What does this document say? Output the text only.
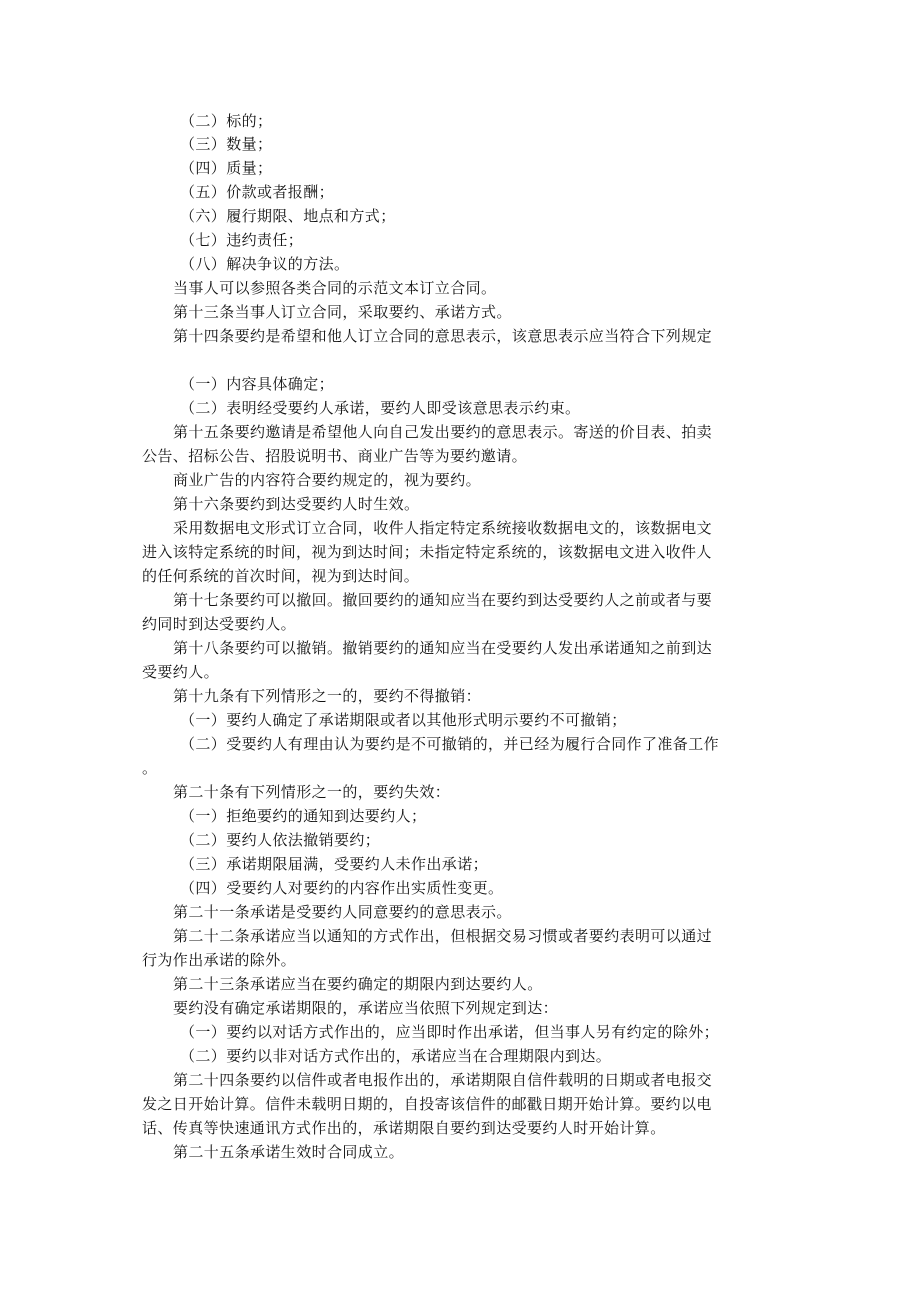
（二）标的；
（三）数量；
（四）质量；
（五）价款或者报酬；
（六）履行期限、地点和方式；
（七）违约责任；
（八）解决争议的方法。
当事人可以参照各类合同的示范文本订立合同。
第十三条当事人订立合同，采取要约、承诺方式。
第十四条要约是希望和他人订立合同的意思表示，该意思表示应当符合下列规定
（一）内容具体确定；
（二）表明经受要约人承诺，要约人即受该意思表示约束。
第十五条要约邀请是希望他人向自己发出要约的意思表示。寄送的价目表、拍卖
公告、招标公告、招股说明书、商业广告等为要约邀请。
商业广告的内容符合要约规定的，视为要约。
第十六条要约到达受要约人时生效。
采用数据电文形式订立合同，收件人指定特定系统接收数据电文的，该数据电文
进入该特定系统的时间，视为到达时间；未指定特定系统的，该数据电文进入收件人
的任何系统的首次时间，视为到达时间。
第十七条要约可以撤回。撤回要约的通知应当在要约到达受要约人之前或者与要
约同时到达受要约人。
第十八条要约可以撤销。撤销要约的通知应当在受要约人发出承诺通知之前到达
受要约人。
第十九条有下列情形之一的，要约不得撤销：
（一）要约人确定了承诺期限或者以其他形式明示要约不可撤销；
（二）受要约人有理由认为要约是不可撤销的，并已经为履行合同作了准备工作
。
第二十条有下列情形之一的，要约失效：
（一）拒绝要约的通知到达要约人；
（二）要约人依法撤销要约；
（三）承诺期限届满，受要约人未作出承诺；
（四）受要约人对要约的内容作出实质性变更。
第二十一条承诺是受要约人同意要约的意思表示。
第二十二条承诺应当以通知的方式作出，但根据交易习惯或者要约表明可以通过
行为作出承诺的除外。
第二十三条承诺应当在要约确定的期限内到达要约人。
要约没有确定承诺期限的，承诺应当依照下列规定到达：
（一）要约以对话方式作出的，应当即时作出承诺，但当事人另有约定的除外；
（二）要约以非对话方式作出的，承诺应当在合理期限内到达。
第二十四条要约以信件或者电报作出的，承诺期限自信件载明的日期或者电报交
发之日开始计算。信件未载明日期的，自投寄该信件的邮戳日期开始计算。要约以电
话、传真等快速通讯方式作出的，承诺期限自要约到达受要约人时开始计算。
第二十五条承诺生效时合同成立。
